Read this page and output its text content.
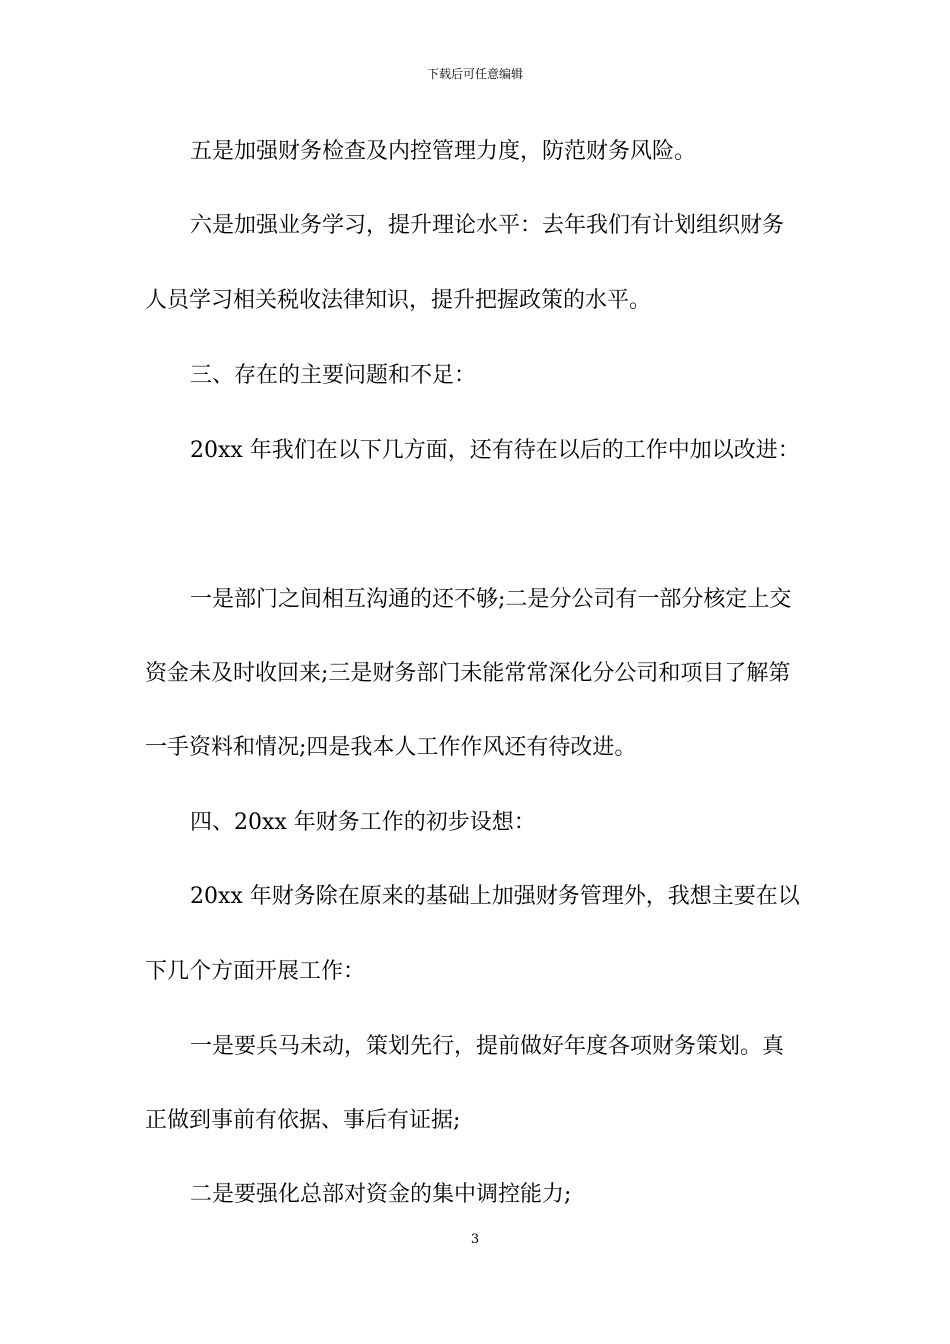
下载后可任意编辑
五是加强财务检查及内控管理力度，防范财务风险。
六是加强业务学习，提升理论水平：去年我们有计划组织财务
人员学习相关税收法律知识，提升把握政策的水平。
三、存在的主要问题和不足：
20xx 年我们在以下几方面，还有待在以后的工作中加以改进：
一是部门之间相互沟通的还不够;二是分公司有一部分核定上交
资金未及时收回来;三是财务部门未能常常深化分公司和项目了解第
一手资料和情况;四是我本人工作作风还有待改进。
四、20xx 年财务工作的初步设想：
20xx 年财务除在原来的基础上加强财务管理外，我想主要在以
下几个方面开展工作：
一是要兵马未动，策划先行，提前做好年度各项财务策划。真
正做到事前有依据、事后有证据;
二是要强化总部对资金的集中调控能力;
3
